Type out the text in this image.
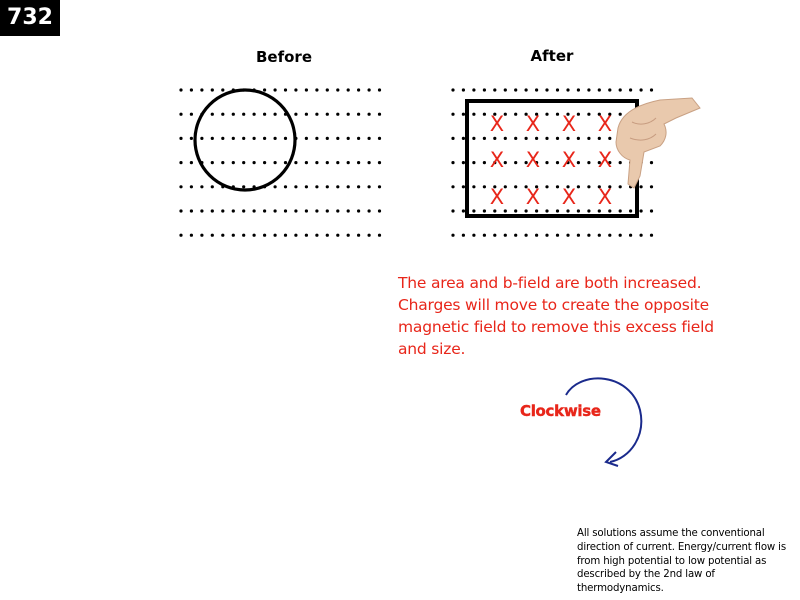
732
Before	After
X X X X
X X X X
X X X X
The area and b-field are both increased. Charges will move to create the opposite magnetic field to remove this excess field and size.
Clockwise
All solutions assume the conventional direction of current. Energy/current flow is from high potential to low potential as described by the 2nd law of thermodynamics.
